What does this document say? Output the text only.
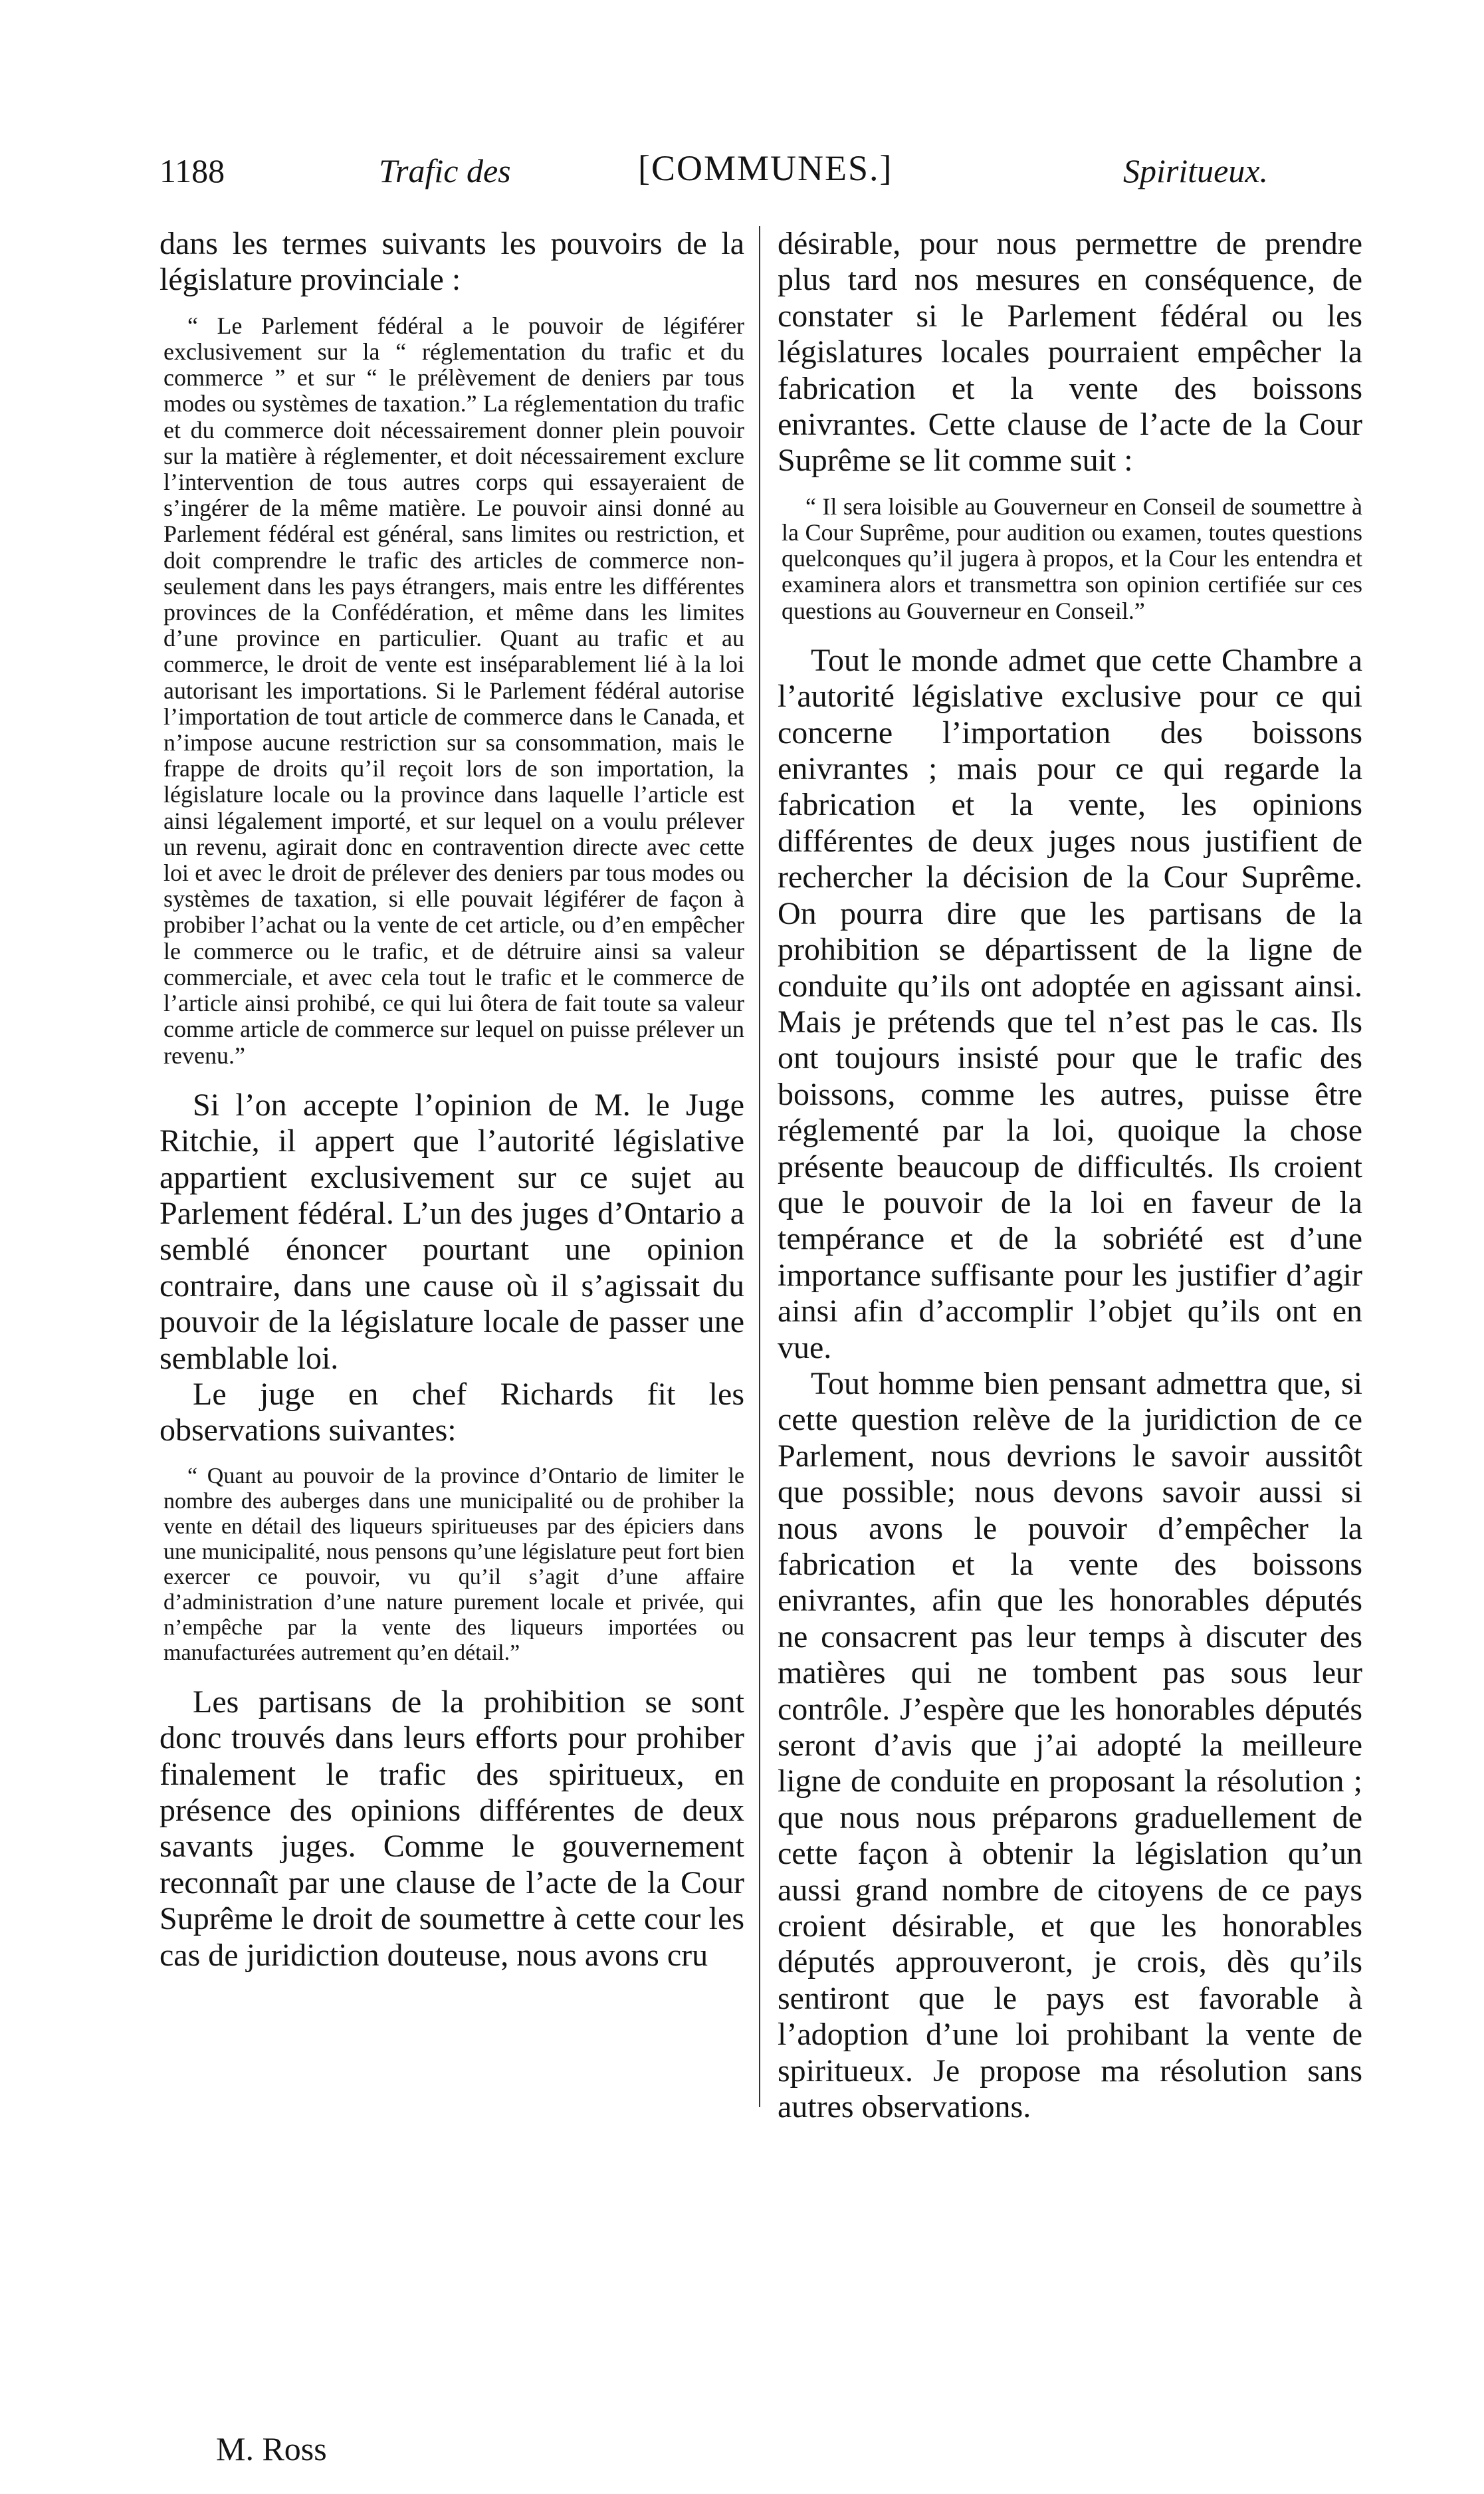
1188	Trafic des	[COMMUNES.]	Spiritueux.

dans les termes suivants les pouvoirs de la législature provinciale :

“ Le Parlement fédéral a le pouvoir de légiférer exclusivement sur la “ réglementation du trafic et du commerce ” et sur “ le prélèvement de deniers par tous modes ou systèmes de taxation.” La réglementation du trafic et du commerce doit nécessairement donner plein pouvoir sur la matière à réglementer, et doit nécessairement exclure l’intervention de tous autres corps qui essayeraient de s’ingérer de la même matière. Le pouvoir ainsi donné au Parlement fédéral est général, sans limites ou restriction, et doit comprendre le trafic des articles de commerce non-seulement dans les pays étrangers, mais entre les différentes provinces de la Confédération, et même dans les limites d’une province en particulier. Quant au trafic et au commerce, le droit de vente est inséparablement lié à la loi autorisant les importations. Si le Parlement fédéral autorise l’importation de tout article de commerce dans le Canada, et n’impose aucune restriction sur sa consommation, mais le frappe de droits qu’il reçoit lors de son importation, la législature locale ou la province dans laquelle l’article est ainsi légalement importé, et sur lequel on a voulu prélever un revenu, agirait donc en contravention directe avec cette loi et avec le droit de prélever des deniers par tous modes ou systèmes de taxation, si elle pouvait légiférer de façon à probiber l’achat ou la vente de cet article, ou d’en empêcher le commerce ou le trafic, et de détruire ainsi sa valeur commerciale, et avec cela tout le trafic et le commerce de l’article ainsi prohibé, ce qui lui ôtera de fait toute sa valeur comme article de commerce sur lequel on puisse prélever un revenu.”

Si l’on accepte l’opinion de M. le Juge Ritchie, il appert que l’autorité législative appartient exclusivement sur ce sujet au Parlement fédéral. L’un des juges d’Ontario a semblé énoncer pourtant une opinion contraire, dans une cause où il s’agissait du pouvoir de la législature locale de passer une semblable loi.

Le juge en chef Richards fit les observations suivantes:

“ Quant au pouvoir de la province d’Ontario de limiter le nombre des auberges dans une municipalité ou de prohiber la vente en détail des liqueurs spiritueuses par des épiciers dans une municipalité, nous pensons qu’une législature peut fort bien exercer ce pouvoir, vu qu’il s’agit d’une affaire d’administration d’une nature purement locale et privée, qui n’empêche par la vente des liqueurs importées ou manufacturées autrement qu’en détail.”

Les partisans de la prohibition se sont donc trouvés dans leurs efforts pour prohiber finalement le trafic des spiritueux, en présence des opinions différentes de deux savants juges. Comme le gouvernement reconnaît par une clause de l’acte de la Cour Suprême le droit de soumettre à cette cour les cas de juridiction douteuse, nous avons cru

désirable, pour nous permettre de prendre plus tard nos mesures en conséquence, de constater si le Parlement fédéral ou les législatures locales pourraient empêcher la fabrication et la vente des boissons enivrantes. Cette clause de l’acte de la Cour Suprême se lit comme suit :

“ Il sera loisible au Gouverneur en Conseil de soumettre à la Cour Suprême, pour audition ou examen, toutes questions quelconques qu’il jugera à propos, et la Cour les entendra et examinera alors et transmettra son opinion certifiée sur ces questions au Gouverneur en Conseil.”

Tout le monde admet que cette Chambre a l’autorité législative exclusive pour ce qui concerne l’importation des boissons enivrantes ; mais pour ce qui regarde la fabrication et la vente, les opinions différentes de deux juges nous justifient de rechercher la décision de la Cour Suprême. On pourra dire que les partisans de la prohibition se départissent de la ligne de conduite qu’ils ont adoptée en agissant ainsi. Mais je prétends que tel n’est pas le cas. Ils ont toujours insisté pour que le trafic des boissons, comme les autres, puisse être réglementé par la loi, quoique la chose présente beaucoup de difficultés. Ils croient que le pouvoir de la loi en faveur de la tempérance et de la sobriété est d’une importance suffisante pour les justifier d’agir ainsi afin d’accomplir l’objet qu’ils ont en vue.

Tout homme bien pensant admettra que, si cette question relève de la juridiction de ce Parlement, nous devrions le savoir aussitôt que possible; nous devons savoir aussi si nous avons le pouvoir d’empêcher la fabrication et la vente des boissons enivrantes, afin que les honorables députés ne consacrent pas leur temps à discuter des matières qui ne tombent pas sous leur contrôle. J’espère que les honorables députés seront d’avis que j’ai adopté la meilleure ligne de conduite en proposant la résolution ; que nous nous préparons graduellement de cette façon à obtenir la législation qu’un aussi grand nombre de citoyens de ce pays croient désirable, et que les honorables députés approuveront, je crois, dès qu’ils sentiront que le pays est favorable à l’adoption d’une loi prohibant la vente de spiritueux. Je propose ma résolution sans autres observations.

M. Ross
